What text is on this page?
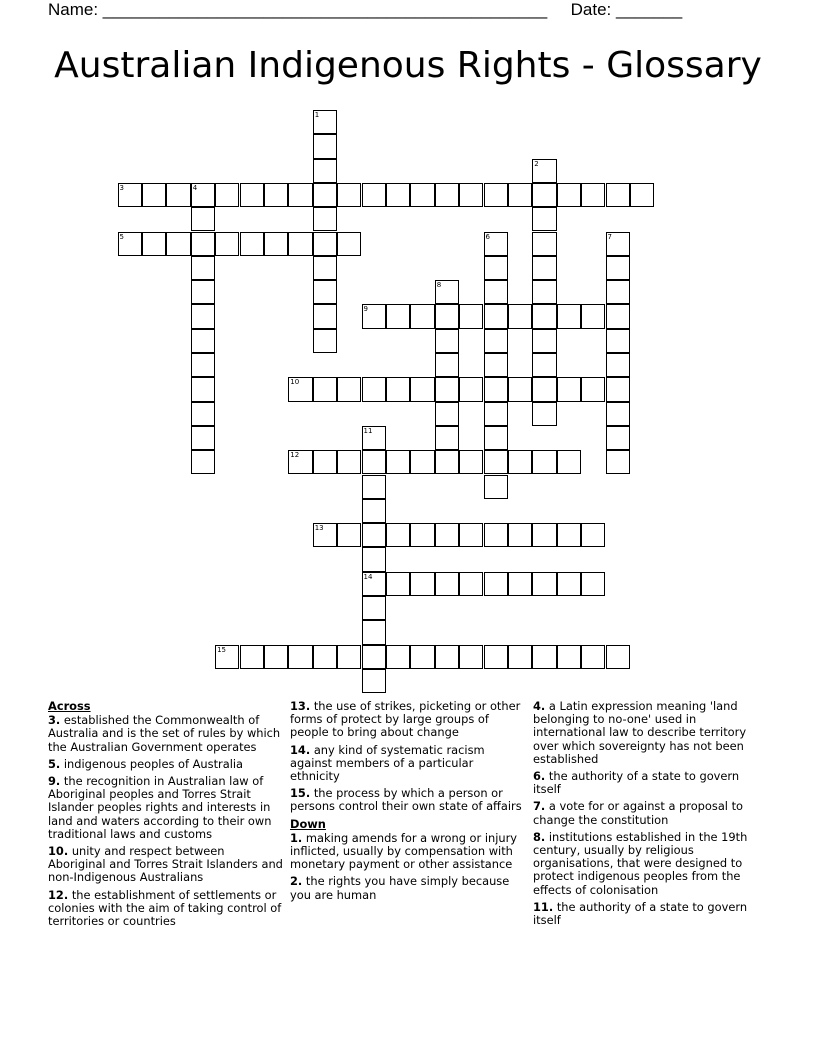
Name: _______________________________________________ Date: _______
Australian Indigenous Rights - Glossary
1
2
3	4
5	6	7
8
9
10
11
14
12
13
15
Across
3. established the Commonwealth of Australia and is the set of rules by which the Australian Government operates
5. indigenous peoples of Australia
9. the recognition in Australian law of Aboriginal peoples and Torres Strait Islander peoples rights and interests in land and waters according to their own traditional laws and customs
10. unity and respect between Aboriginal and Torres Strait Islanders and non-Indigenous Australians
12. the establishment of settlements or colonies with the aim of taking control of territories or countries
13. the use of strikes, picketing or other forms of protect by large groups of people to bring about change
14. any kind of systematic racism against members of a particular ethnicity
15. the process by which a person or persons control their own state of affairs
Down
1. making amends for a wrong or injury inflicted, usually by compensation with monetary payment or other assistance
2. the rights you have simply because you are human
4. a Latin expression meaning 'land belonging to no-one' used in international law to describe territory over which sovereignty has not been established
6. the authority of a state to govern itself
7. a vote for or against a proposal to change the constitution
8. institutions established in the 19th century, usually by religious organisations, that were designed to protect indigenous peoples from the effects of colonisation
11. the authority of a state to govern itself
